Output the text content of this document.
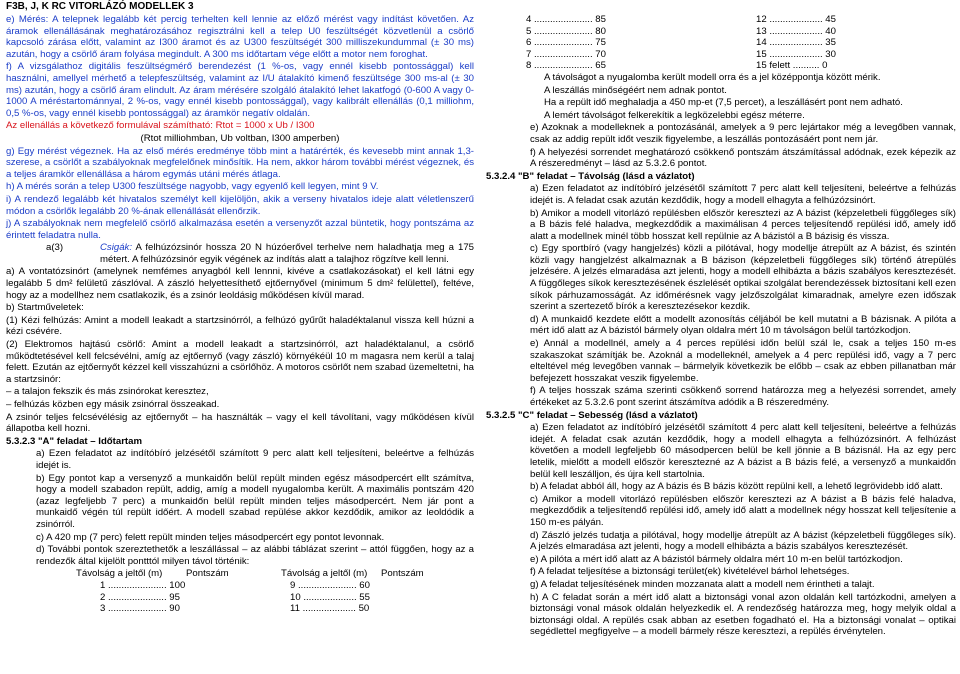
F3B, J, K RC VITORLÁZÓ MODELLEK 3
e) Mérés: A telepnek legalább két percig terhelten kell lennie az előző mérést vagy indítást követően. Az áramok ellenállásának meghatározásához regisztrálni kell a telep U0 feszültségét közvetlenül a csörlő kapcsoló zárása előtt, valamint az I300 áramot és az U300 feszültségét 300 milliszekundummal (± 30 ms) azután, hogy a csörlő áram folyása megindult. A 300 ms időtartam vége előtt a motor nem foroghat.
f) A vizsgálathoz digitális feszültségmérő berendezést (1 %-os, vagy ennél kisebb pontossággal) kell használni, amellyel mérhető a telepfeszültség, valamint az I/U átalakító kimenő feszültsége 300 ms-al (± 30 ms) azután, hogy a csörlő áram elindult. Az áram mérésére szolgáló átalakító lehet lakatfogó (0-600 A vagy 0-1000 A méréstartománnyal, 2 %-os, vagy ennél kisebb pontossággal), vagy kalibrált ellenállás (0,1 milliohm, 0,5 %-os, vagy ennél kisebb pontossággal) az áramkör negatív oldalán.
Az ellenállás a következő formulával számítható: Rtot = 1000 x Ub / I300
(Rtot milliohmban, Ub voltban, I300 amperben)
g) Egy mérést végeznek. Ha az első mérés eredménye több mint a határérték, és kevesebb mint annak 1,3-szerese, a csörlőt a szabályoknak megfelelőnek minősítik. Ha nem, akkor három további mérést végeznek, és a teljes áramkör ellenállása a három egymás utáni mérés átlaga.
h) A mérés során a telep U300 feszültsége nagyobb, vagy egyenlő kell legyen, mint 9 V.
i) A rendező legalább két hivatalos személyt kell kijelöljön, akik a verseny hivatalos ideje alatt véletlenszerű módon a csörlők legalább 20 %-ának ellenállását ellenőrzik.
j) A szabályoknak nem megfelelő csörlő alkalmazása esetén a versenyzőt azzal büntetik, hogy pontszáma az érintett feladatra nulla.
a(3)	Csigák: A felhúzózsinór hossza 20 N húzóerővel terhelve nem haladhatja meg a 175 métert. A felhúzózsinór egyik végének az indítás alatt a talajhoz rögzítve kell lenni.
a) A vontatózsinórt (amelynek nemfémes anyagból kell lennni, kivéve a csatlakozásokat) el kell látni egy legalább 5 dm² felületű zászlóval. A zászló helyettesíthető ejtőernyővel (minimum 5 dm² felülettel), feltéve, hogy az a modellhez nem csatlakozik, és a zsinór leoldásig működésen kívül marad.
b) Startműveletek:
(1) Kézi felhúzás: Amint a modell leakadt a startzsinórról, a felhúzó gyűrűt haladéktalanul vissza kell húzni a kézi csévére.
(2) Elektromos hajtású csörlő: Amint a modell leakadt a startzsinórról, azt haladéktalanul, a csörlő működtetésével kell felcsévélni, amíg az ejtőernyő (vagy zászló) környékéül 10 m magasra nem kerül a talaj felett. Ezután az ejtőernyőt kézzel kell visszahúzni a csörlőhöz. A motoros csörlőt nem szabad üzemeltetni, ha a startzsinór:
– a talajon fekszik és más zsinórokat keresztez,
– felhúzás közben egy másik zsinórral összeakad.
A zsinór teljes felcsévélésig az ejtőernyőt – ha használták – vagy el kell távolítani, vagy működésen kívül állapotba kell hozni.
5.3.2.3 "A" feladat – Időtartam
a) Ezen feladatot az indítóbíró jelzésétől számított 9 perc alatt kell teljesíteni, beleértve a felhúzás idejét is.
b) Egy pontot kap a versenyző a munkaidőn belül repült minden egész másodpercért ellt számítva, hogy a modell szabadon repült, addig, amíg a modell nyugalomba került. A maximális pontszám 420 (azaz legfeljebb 7 perc) a munkaidőn belül repült minden teljes másodpercért. Nem jár pont a munkaidő végén túl repült időért. A modell szabad repülése akkor kezdődik, amikor az leoldódik a zsinórról.
c) A 420 mp (7 perc) felett repült minden teljes másodpercért egy pontot levonnak.
d) További pontok szereztethetők a leszállással – az alábbi táblázat szerint – attól függően, hogy az a rendezők által kijelölt pontttól milyen távol történik:
Távolság a jeltől (m)	Pontszám	Távolság a jeltől (m)	Pontszám
1 ...................... 100	9 ...................... 60
2 ...................... 95	10 .................... 55
3 ...................... 90	11 .................... 50
4 ...................... 85	12 .................... 45
5 ...................... 80	13 .................... 40
6 ...................... 75	14 .................... 35
7 ...................... 70	15 .................... 30
8 ...................... 65	15 felett .......... 0
A távolságot a nyugalomba került modell orra és a jel középpontja között mérik.
A leszállás minőségéért nem adnak pontot.
Ha a repült idő meghaladja a 450 mp-et (7,5 percet), a leszállásért pont nem adható.
A lemért távolságot felkerekítik a legközelebbi egész méterre.
e) Azoknak a modelleknek a pontozásánál, amelyek a 9 perc lejártakor még a levegőben vannak, csak az addig repült időt veszik figyelembe, a leszállás pontozásáért pont nem jár.
f) A helyezési sorrendet meghatározó csökkenő pontszám átszámítással adódnak, ezek képezik az A részeredményt – lásd az 5.3.2.6 pontot.
5.3.2.4 "B" feladat – Távolság (lásd a vázlatot)
a) Ezen feladatot az indítóbíró jelzésétől számított 7 perc alatt kell teljesíteni, beleértve a felhúzás idejét is. A feladat csak azután kezdődik, hogy a modell elhagyta a felhúzózsinórt.
b) Amikor a modell vitorlázó repülésben először keresztezi az A bázist (képzeletbeli függőleges sík) a B bázis felé haladva, megkezdődik a maximálisan 4 perces teljesítendő repülési idő, amely idő alatt a modellnek minél több hosszat kell repülnie az A bázistól a B bázisig és vissza.
c) Egy sportbíró (vagy hangjelzés) közli a pilótával, hogy modellje átrepült az A bázist, és szintén közli vagy hangjelzést alkalmaznak a B bázison (képzeletbeli függőleges sík) történő átrepülés jelzésére. A jelzés elmaradása azt jelenti, hogy a modell elhibázta a bázis szabályos keresztezését. A függőleges síkok keresztezésének észlelését optikai szolgálat berendezéssek biztosítani kell ezen síkok párhuzamosságát. Az időmérésnek vagy jelzőszolgálat kimaradnak, amelyre ezen időszak szerint a szertezető bírók a keresztezésekor kezdik.
d) A munkaidő kezdete előtt a modellt azonosítás céljából be kell mutatni a B bázisnak. A pilóta a mért idő alatt az A bázistól bármely olyan oldalra mért 10 m távolságon belül tartózkodjon.
e) Annál a modellnél, amely a 4 perces repülési időn belül szál le, csak a teljes 150 m-es szakaszokat számítják be. Azoknál a modelleknél, amelyek a 4 perc repülési idő, vagy a 7 perc elteltével még levegőben vannak – bármelyik következik be előbb – csak az ebben pillanatban már befejezett hosszakat veszik figyelembe.
f) A teljes hosszak száma szerinti csökkenő sorrend határozza meg a helyezési sorrendet, amely értékeket az 5.3.2.6 pont szerint átszámítva adódik a B részeredmény.
5.3.2.5 "C" feladat – Sebesség (lásd a vázlatot)
a) Ezen feladatot az indítóbíró jelzésétől számított 4 perc alatt kell teljesíteni, beleértve a felhúzás idejét. A feladat csak azután kezdődik, hogy a modell elhagyta a felhúzózsinórt. A felhúzást követően a modell legfeljebb 60 másodpercen belül be kell jönnie a B bázisnál. Ha az egy perc letelik, mielőtt a modell először keresztezné az A bázist a B bázis felé, a versenyző a munkaidőn belül kell leszálljon, és újra kell startolnia.
b) A feladat abból áll, hogy az A bázis és B bázis között repülni kell, a lehető legrövidebb idő alatt.
c) Amikor a modell vitorlázó repülésben először keresztezi az A bázist a B bázis felé haladva, megkezdődik a teljesítendő repülési idő, amely idő alatt a modellnek négy hosszat kell teljesítenie a 150 m-es pályán.
d) Zászló jelzés tudatja a pilótával, hogy modellje átrepült az A bázist (képzeletbeli függőleges sík). A jelzés elmaradása azt jelenti, hogy a modell elhibázta a bázis szabályos keresztezését.
e) A pilóta a mért idő alatt az A bázistól bármely oldalra mért 10 m-en belül tartózkodjon.
f) A feladat teljesítése a biztonsági terület(ek) kivételével bárhol lehetséges.
g) A feladat teljesítésének minden mozzanata alatt a modell nem érintheti a talajt.
h) A C feladat során a mért idő alatt a biztonsági vonal azon oldalán kell tartózkodni, amelyen a biztonsági vonal mások oldalán helyezkedik el. A rendezőség határozza meg, hogy melyik oldal a biztonsági oldal. A repülés csak abban az esetben fogadható el. Ha a biztonsági vonalat – optikai segédlettel megfigyelve – a modell bármely része keresztezi, a repülés érvénytelen.
